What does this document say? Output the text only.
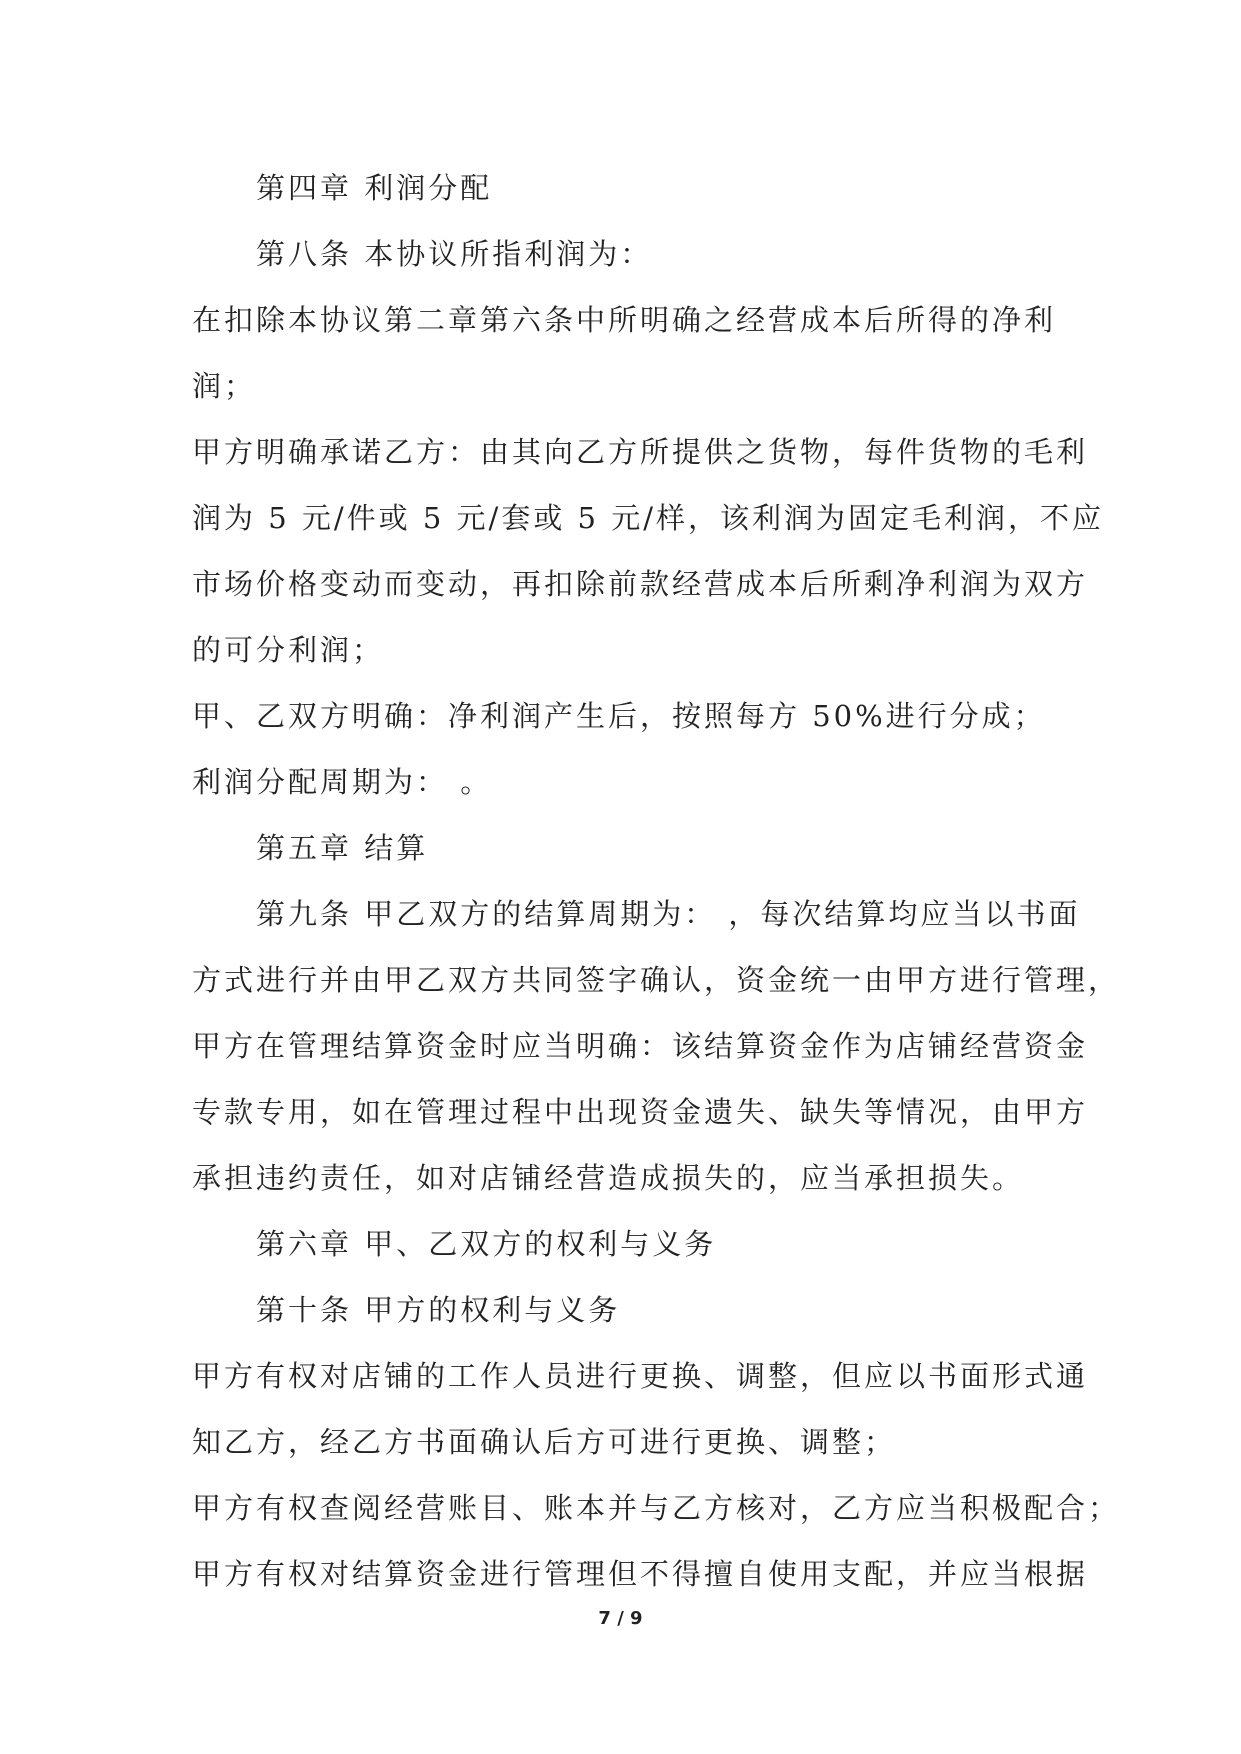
第四章 利润分配

第八条 本协议所指利润为：

在扣除本协议第二章第六条中所明确之经营成本后所得的净利

润；

甲方明确承诺乙方：由其向乙方所提供之货物，每件货物的毛利

润为 5 元/件或 5 元/套或 5 元/样，该利润为固定毛利润，不应

市场价格变动而变动，再扣除前款经营成本后所剩净利润为双方

的可分利润；

甲、乙双方明确：净利润产生后，按照每方 50%进行分成；

利润分配周期为： 。

第五章 结算

第九条 甲乙双方的结算周期为： ，每次结算均应当以书面

方式进行并由甲乙双方共同签字确认，资金统一由甲方进行管理，

甲方在管理结算资金时应当明确：该结算资金作为店铺经营资金

专款专用，如在管理过程中出现资金遗失、缺失等情况，由甲方

承担违约责任，如对店铺经营造成损失的，应当承担损失。

第六章 甲、乙双方的权利与义务

第十条 甲方的权利与义务

甲方有权对店铺的工作人员进行更换、调整，但应以书面形式通

知乙方，经乙方书面确认后方可进行更换、调整；

甲方有权查阅经营账目、账本并与乙方核对，乙方应当积极配合；

甲方有权对结算资金进行管理但不得擅自使用支配，并应当根据

7 / 9
